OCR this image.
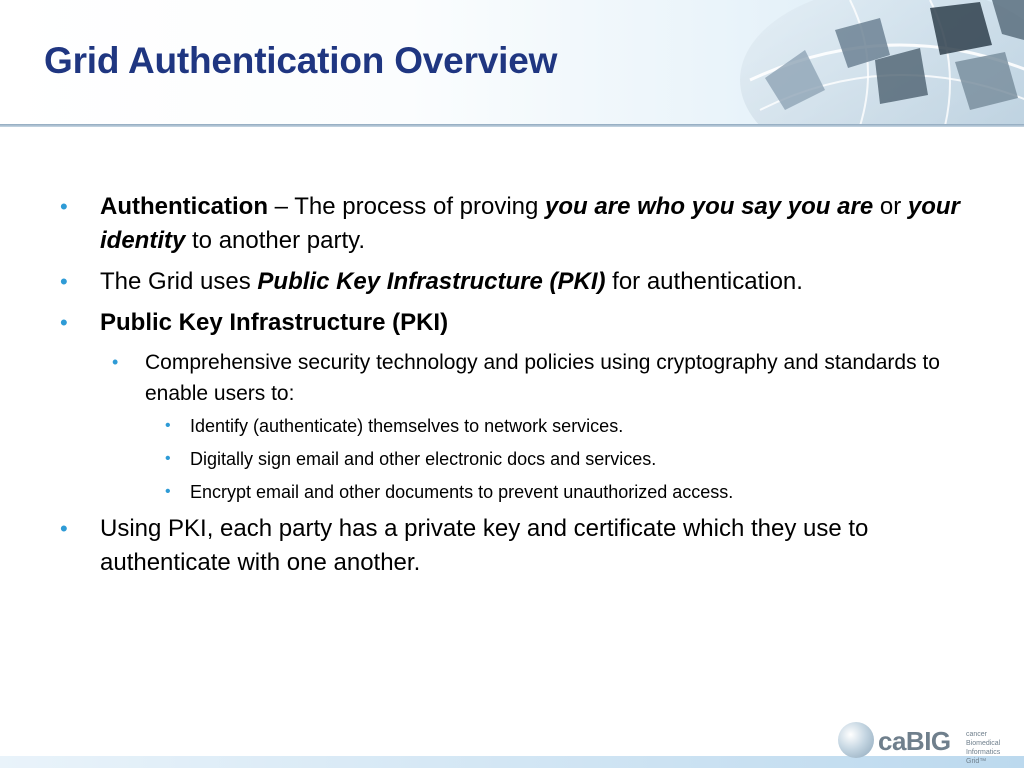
Grid Authentication Overview
• Authentication – The process of proving you are who you say you are or your identity to another party.
• The Grid uses Public Key Infrastructure (PKI) for authentication.
• Public Key Infrastructure (PKI)
• Comprehensive security technology and policies using cryptography and standards to enable users to:
• Identify (authenticate) themselves to network services.
• Digitally sign email and other electronic docs and services.
• Encrypt email and other documents to prevent unauthorized access.
• Using PKI, each party has a private key and certificate which they use to authenticate with one another.
caBIG cancer Biomedical Informatics Grid™
